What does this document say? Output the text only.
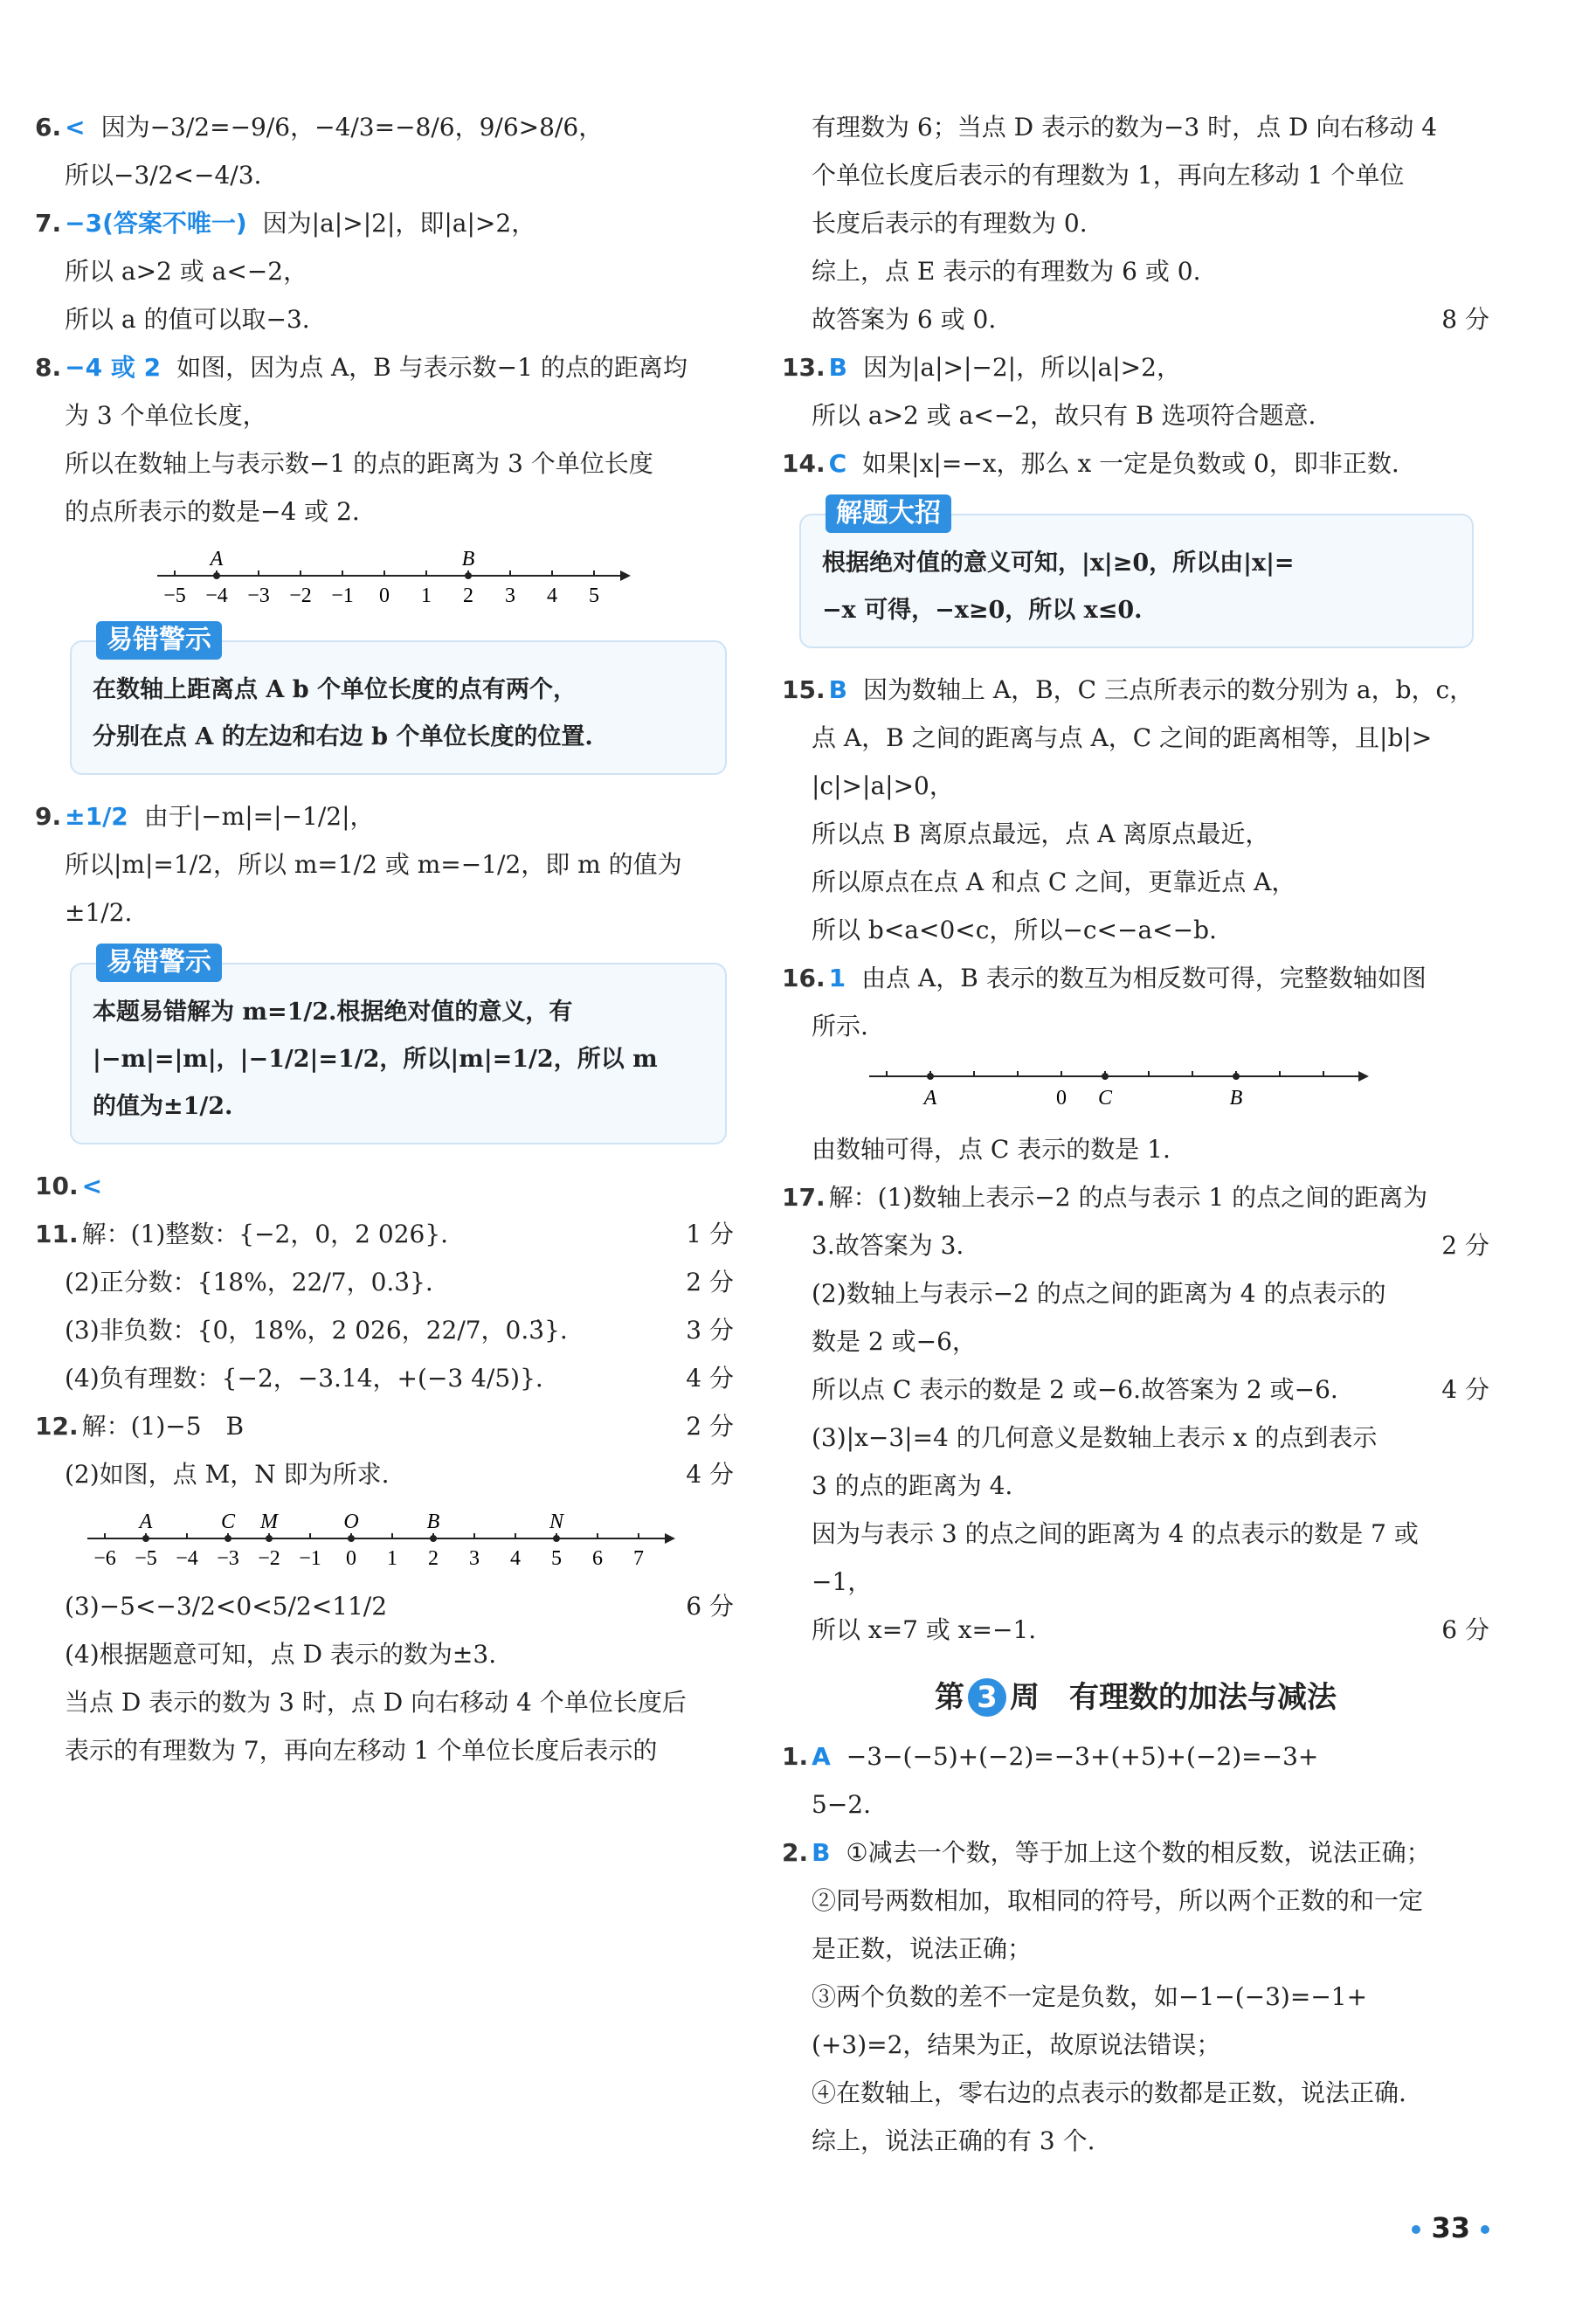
6. < 因为−3/2=−9/6，−4/3=−8/6，9/6>8/6，
所以−3/2<−4/3.
7. −3(答案不唯一) 因为|a|>|2|，即|a|>2，
所以 a>2 或 a<−2，
所以 a 的值可以取−3.
8. −4 或 2 如图，因为点 A，B 与表示数−1 的点的距离均
为 3 个单位长度，
所以在数轴上与表示数−1 的点的距离为 3 个单位长度
的点所表示的数是−4 或 2.
−5 −4 −3 −2 −1 0 1 2 3 4 5
A	B
易错警示
在数轴上距离点 A b 个单位长度的点有两个，
分别在点 A 的左边和右边 b 个单位长度的位置.
9. ±1/2 由于|−m|=|−1/2|，
所以|m|=1/2，所以 m=1/2 或 m=−1/2，即 m 的值为
±1/2.
易错警示
本题易错解为 m=1/2.根据绝对值的意义，有
|−m|=|m|，|−1/2|=1/2，所以|m|=1/2，所以 m
的值为±1/2.
10. <
11. 解：(1)整数：{−2，0，2 026}.	1 分
(2)正分数：{18%，22/7，0.3̇}.	2 分
(3)非负数：{0，18%，2 026，22/7，0.3̇}.	3 分
(4)负有理数：{−2，−3.14，+(−3 4/5)}.	4 分
12. 解：(1)−5　B	2 分
(2)如图，点 M，N 即为所求.	4 分
−6 −5 −4 −3 −2 −1 0 1 2 3 4 5 6 7
A	C M	O	B	N
(3)−5<−3/2<0<5/2<11/2	6 分
(4)根据题意可知，点 D 表示的数为±3.
当点 D 表示的数为 3 时，点 D 向右移动 4 个单位长度后
表示的有理数为 7，再向左移动 1 个单位长度后表示的
有理数为 6；当点 D 表示的数为−3 时，点 D 向右移动 4
个单位长度后表示的有理数为 1，再向左移动 1 个单位
长度后表示的有理数为 0.
综上，点 E 表示的有理数为 6 或 0.
故答案为 6 或 0.	8 分
13. B 因为|a|>|−2|，所以|a|>2，
所以 a>2 或 a<−2，故只有 B 选项符合题意.
14. C 如果|x|=−x，那么 x 一定是负数或 0，即非正数.
解题大招
根据绝对值的意义可知，|x|≥0，所以由|x|=
−x 可得，−x≥0，所以 x≤0.
15. B 因为数轴上 A，B，C 三点所表示的数分别为 a，b，c，
点 A，B 之间的距离与点 A，C 之间的距离相等，且|b|>
|c|>|a|>0，
所以点 B 离原点最远，点 A 离原点最近，
所以原点在点 A 和点 C 之间，更靠近点 A，
所以 b<a<0<c，所以−c<−a<−b.
16. 1 由点 A，B 表示的数互为相反数可得，完整数轴如图
所示.
A	C	B
0
由数轴可得，点 C 表示的数是 1.
17. 解：(1)数轴上表示−2 的点与表示 1 的点之间的距离为
3.故答案为 3.	2 分
(2)数轴上与表示−2 的点之间的距离为 4 的点表示的
数是 2 或−6，
所以点 C 表示的数是 2 或−6.故答案为 2 或−6.	4 分
(3)|x−3|=4 的几何意义是数轴上表示 x 的点到表示
3 的点的距离为 4.
因为与表示 3 的点之间的距离为 4 的点表示的数是 7 或
−1，
所以 x=7 或 x=−1.	6 分
第 3 周　有理数的加法与减法
1. A −3−(−5)+(−2)=−3+(+5)+(−2)=−3+
5−2.
2. B ①减去一个数，等于加上这个数的相反数，说法正确；
②同号两数相加，取相同的符号，所以两个正数的和一定
是正数，说法正确；
③两个负数的差不一定是负数，如−1−(−3)=−1+
(+3)=2，结果为正，故原说法错误；
④在数轴上，零右边的点表示的数都是正数，说法正确.
综上，说法正确的有 3 个.
33
